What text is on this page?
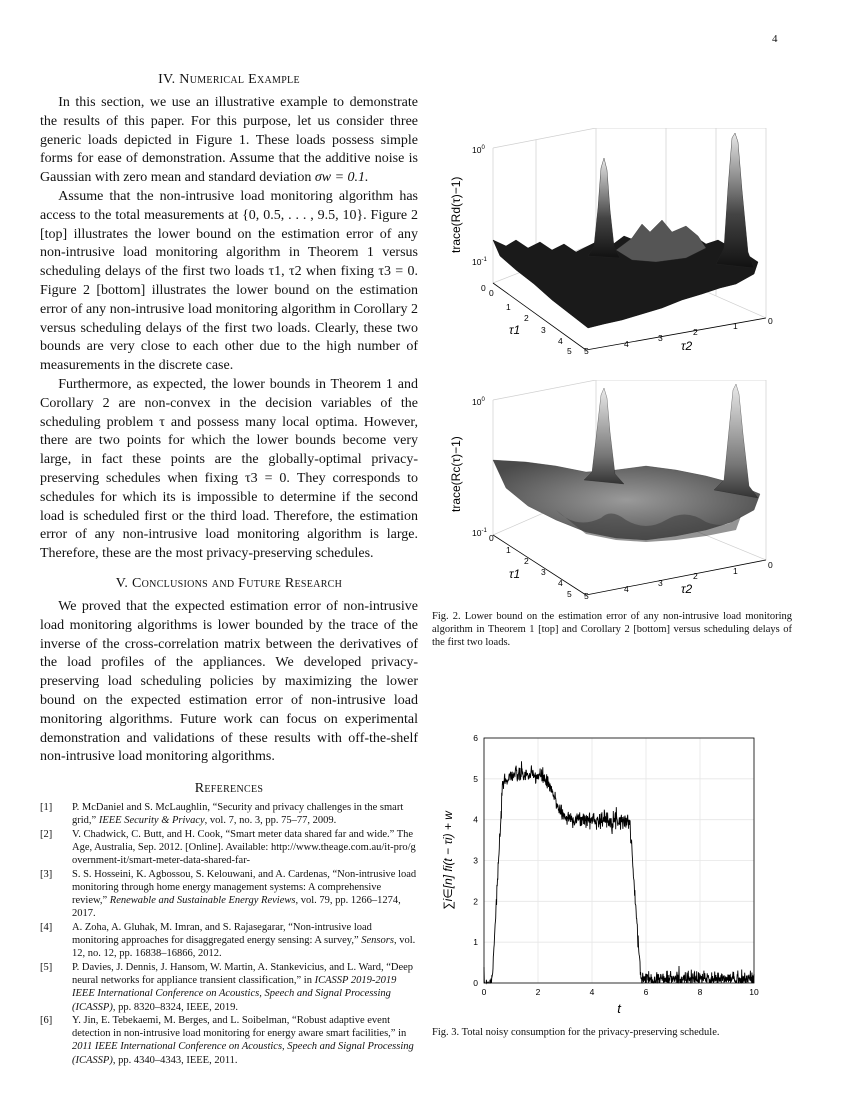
4
IV. Numerical Example

In this section, we use an illustrative example to demonstrate the results of this paper. For this purpose, let us consider three generic loads depicted in Figure 1. These loads possess simple forms for ease of demonstration. Assume that the additive noise is Gaussian with zero mean and standard deviation σw = 0.1.

Assume that the non-intrusive load monitoring algorithm has access to the total measurements at {0, 0.5, . . . , 9.5, 10}. Figure 2 [top] illustrates the lower bound on the estimation error of any non-intrusive load monitoring algorithm in Theorem 1 versus scheduling delays of the first two loads τ1, τ2 when fixing τ3 = 0. Figure 2 [bottom] illustrates the lower bound on the estimation error of any non-intrusive load monitoring algorithm in Corollary 2 versus scheduling delays of the first two loads. Clearly, these two bounds are very close to each other due to the high number of measurements in the discrete case.

Furthermore, as expected, the lower bounds in Theorem 1 and Corollary 2 are non-convex in the decision variables of the scheduling problem τ and possess many local optima. However, there are two points for which the lower bounds become very large, in fact these points are the globally-optimal privacy-preserving schedules when fixing τ3 = 0. They corresponds to schedules for which its is impossible to determine if the second load is scheduled first or the third load. Therefore, the estimation error of any non-intrusive load monitoring algorithm is large. Therefore, these are the most privacy-preserving schedules.

V. Conclusions and Future Research

We proved that the expected estimation error of non-intrusive load monitoring algorithms is lower bounded by the trace of the inverse of the cross-correlation matrix between the derivatives of the load profiles of the appliances. We developed privacy-preserving load scheduling policies by maximizing the lower bound on the expected estimation error of non-intrusive load monitoring algorithms. Future work can focus on experimental demonstration and validations of these results with off-the-shelf non-intrusive load monitoring algorithms.

References
[1] P. McDaniel and S. McLaughlin, “Security and privacy challenges in the smart grid,” IEEE Security & Privacy, vol. 7, no. 3, pp. 75–77, 2009.
[2] V. Chadwick, C. Butt, and H. Cook, “Smart meter data shared far and wide.” The Age, Australia, Sep. 2012. [Online]. Available: http://www.theage.com.au/it-pro/government-it/smart-meter-data-shared-far-
[3] S. S. Hosseini, K. Agbossou, S. Kelouwani, and A. Cardenas, “Non-intrusive load monitoring through home energy management systems: A comprehensive review,” Renewable and Sustainable Energy Reviews, vol. 79, pp. 1266–1274, 2017.
[4] A. Zoha, A. Gluhak, M. Imran, and S. Rajasegarar, “Non-intrusive load monitoring approaches for disaggregated energy sensing: A survey,” Sensors, vol. 12, no. 12, pp. 16838–16866, 2012.
[5] P. Davies, J. Dennis, J. Hansom, W. Martin, A. Stankevicius, and L. Ward, “Deep neural networks for appliance transient classification,” in ICASSP 2019-2019 IEEE International Conference on Acoustics, Speech and Signal Processing (ICASSP), pp. 8320–8324, IEEE, 2019.
[6] Y. Jin, E. Tebekaemi, M. Berges, and L. Soibelman, “Robust adaptive event detection in non-intrusive load monitoring for energy aware smart facilities,” in 2011 IEEE International Conference on Acoustics, Speech and Signal Processing (ICASSP), pp. 4340–4343, IEEE, 2011.
$10^0$
$10^{-1}$
0
trace(Rd(τ)−1)
0
1
2
3
4
5
τ1
5
4
3
2
1	0
τ2
$10^0$
$10^{-1}$
trace(Rc(τ)−1)
0
1
2
3
4
5
τ1
5
4
3
2	1
0
τ2
Fig. 2. Lower bound on the estimation error of any non-intrusive load monitoring algorithm in Theorem 1 [top] and Corollary 2 [bottom] versus scheduling delays of the first two loads.
0	2	4	6	8	10
0
1
2
3
4
5
6
t
∑i∈[n] fi(t − τi) + w
Fig. 3. Total noisy consumption for the privacy-preserving schedule.
